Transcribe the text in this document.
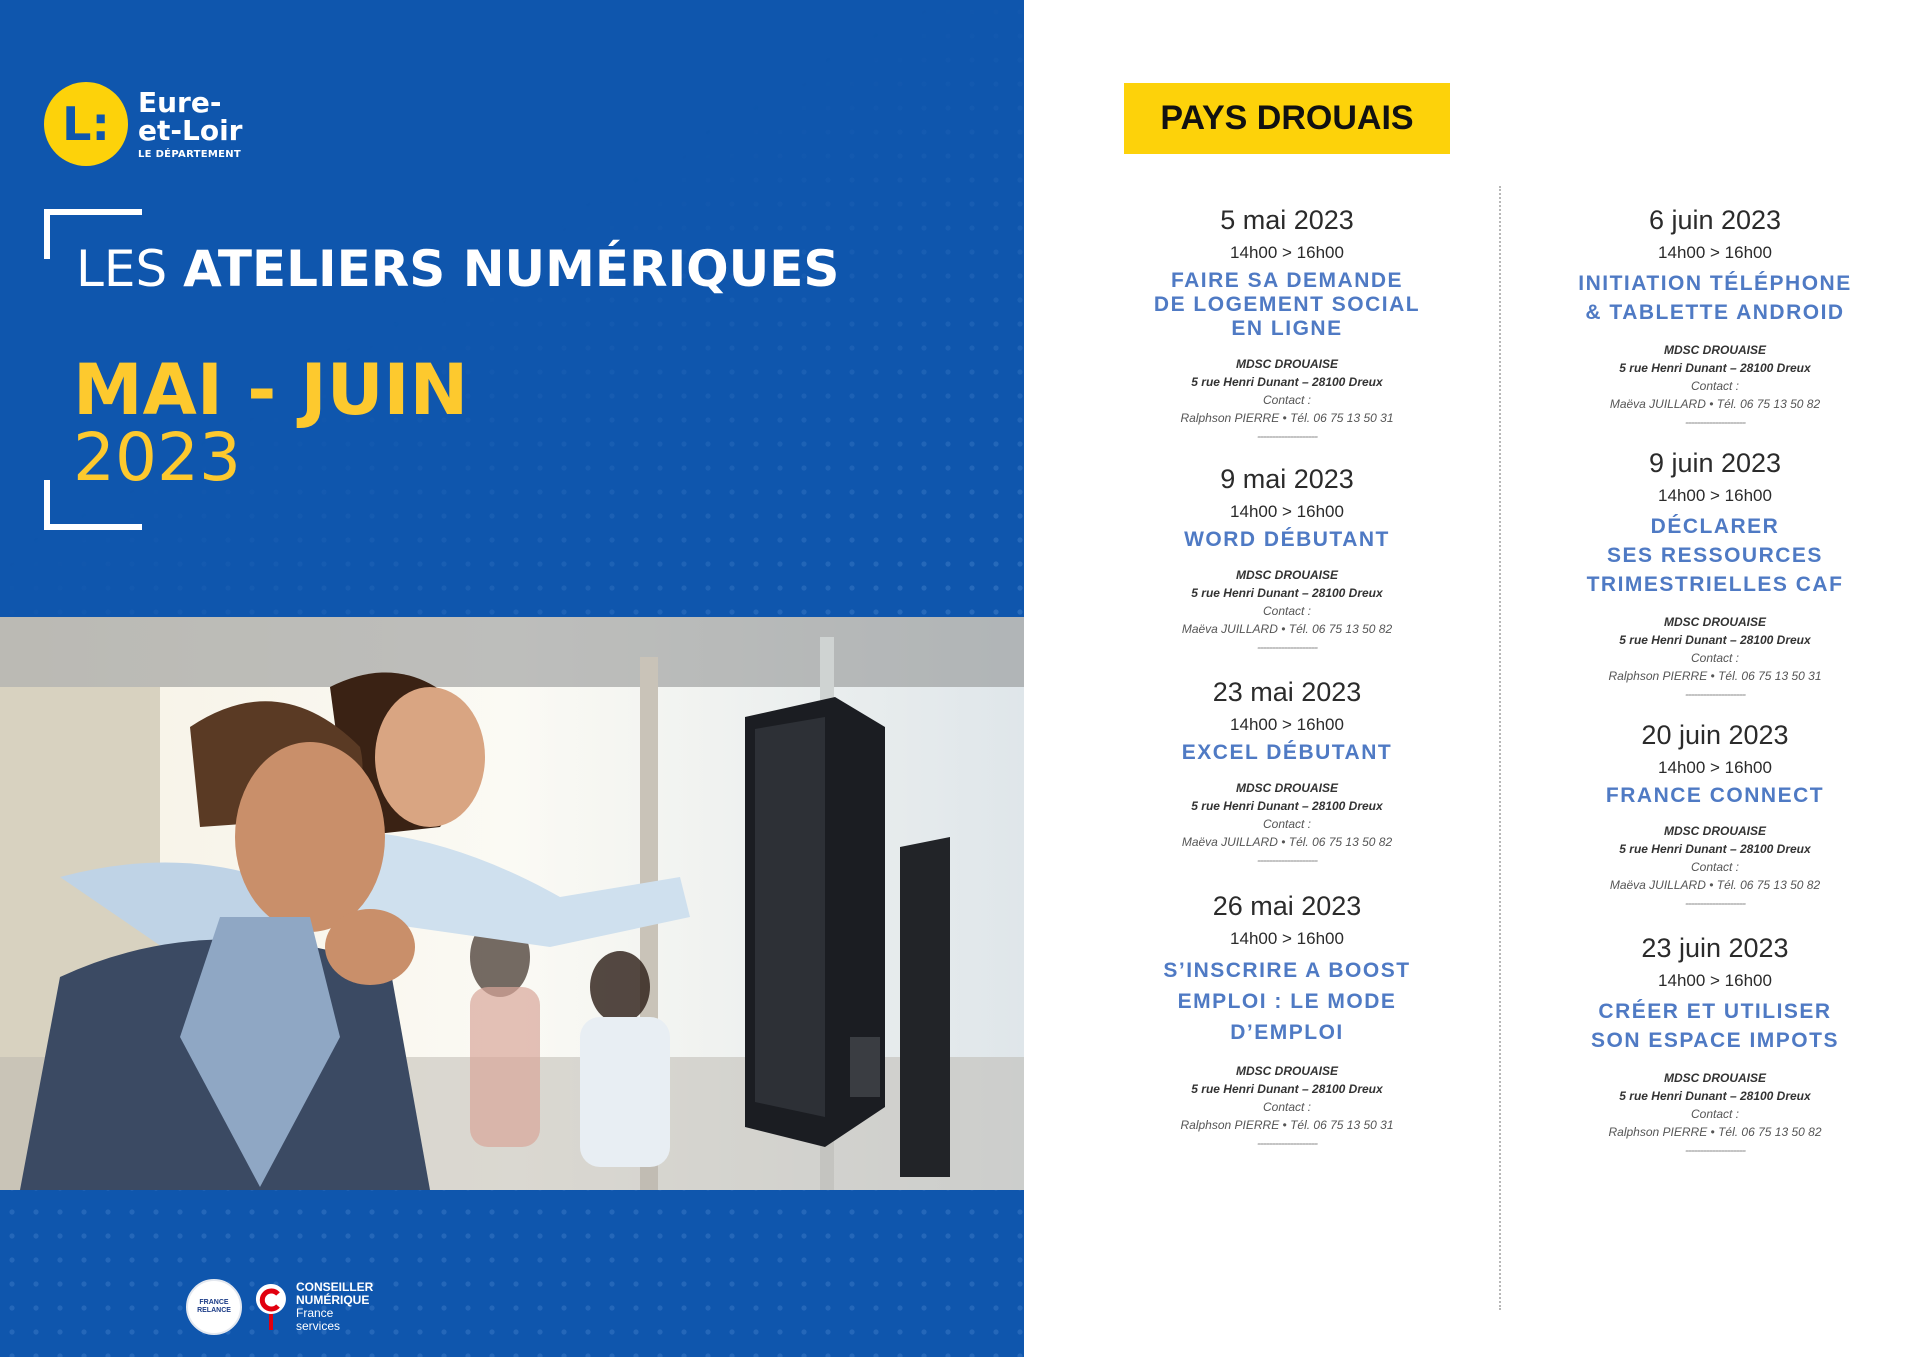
L:	Eure-
et-Loir
LE DÉPARTEMENT
LES ATELIERS NUMÉRIQUES
MAI - JUIN
2023
FRANCE RELANCE
CONSEILLER
NUMÉRIQUE
France
services
PAYS DROUAIS
5 mai 2023
14h00 > 16h00
FAIRE SA DEMANDE
DE LOGEMENT SOCIAL
EN LIGNE
MDSC DROUAISE
5 rue Henri Dunant – 28100 Dreux
Contact :
Ralphson PIERRE • Tél. 06 75 13 50 31
--------------------
9 mai 2023
14h00 > 16h00
WORD DÉBUTANT
MDSC DROUAISE
5 rue Henri Dunant – 28100 Dreux
Contact :
Maëva JUILLARD • Tél. 06 75 13 50 82
--------------------
23 mai 2023
14h00 > 16h00
EXCEL DÉBUTANT
MDSC DROUAISE
5 rue Henri Dunant – 28100 Dreux
Contact :
Maëva JUILLARD • Tél. 06 75 13 50 82
--------------------
26 mai 2023
14h00 > 16h00
S’INSCRIRE A BOOST
EMPLOI : LE MODE
D’EMPLOI
MDSC DROUAISE
5 rue Henri Dunant – 28100 Dreux
Contact :
Ralphson PIERRE • Tél. 06 75 13 50 31
--------------------
6 juin 2023
14h00 > 16h00
INITIATION TÉLÉPHONE
& TABLETTE ANDROID
MDSC DROUAISE
5 rue Henri Dunant – 28100 Dreux
Contact :
Maëva JUILLARD • Tél. 06 75 13 50 82
--------------------
9 juin 2023
14h00 > 16h00
DÉCLARER
SES RESSOURCES
TRIMESTRIELLES CAF
MDSC DROUAISE
5 rue Henri Dunant – 28100 Dreux
Contact :
Ralphson PIERRE • Tél. 06 75 13 50 31
--------------------
20 juin 2023
14h00 > 16h00
FRANCE CONNECT
MDSC DROUAISE
5 rue Henri Dunant – 28100 Dreux
Contact :
Maëva JUILLARD • Tél. 06 75 13 50 82
--------------------
23 juin 2023
14h00 > 16h00
CRÉER ET UTILISER
SON ESPACE IMPOTS
MDSC DROUAISE
5 rue Henri Dunant – 28100 Dreux
Contact :
Ralphson PIERRE • Tél. 06 75 13 50 82
--------------------
